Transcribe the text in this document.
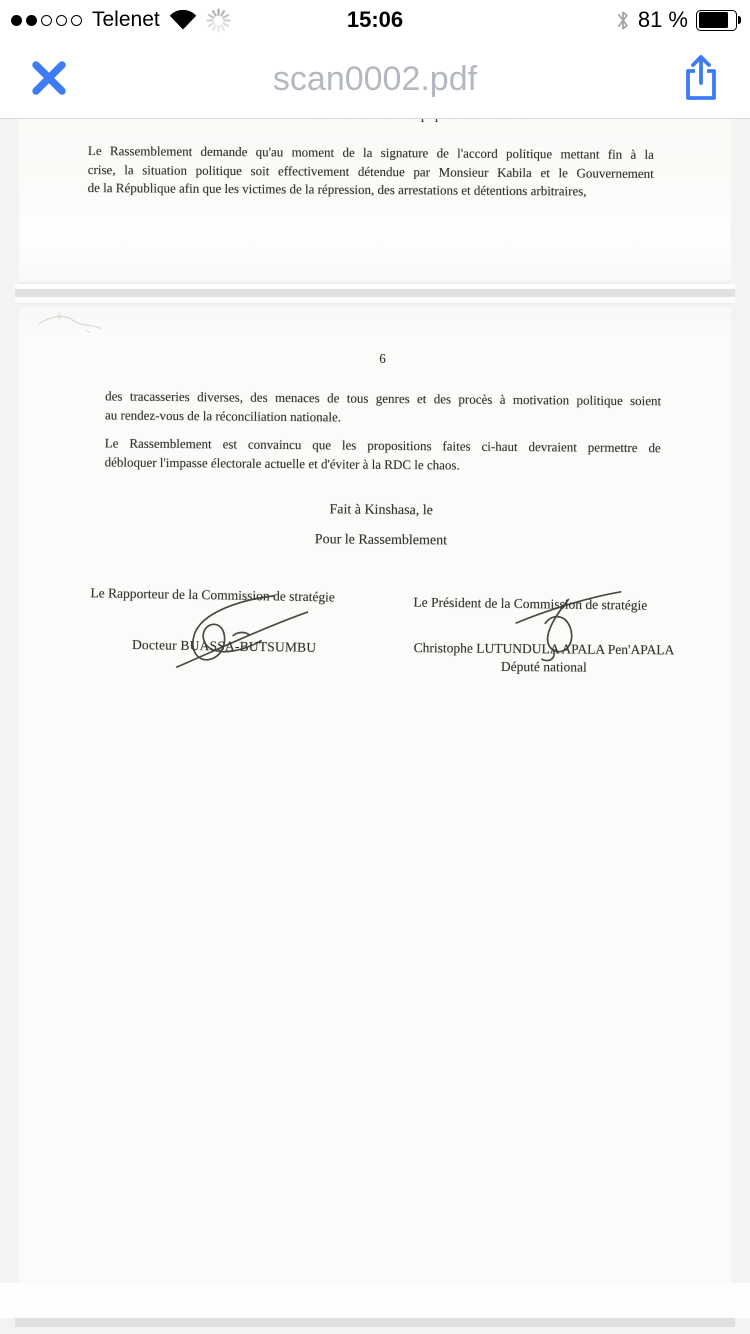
Telenet	15:06	81 %
scan0002.pdf
Le Rassemblement demande qu'au moment de la signature de l'accord politique mettant fin à la
crise, la situation politique soit effectivement détendue par Monsieur Kabila et le Gouvernement
de la République afin que les victimes de la répression, des arrestations et détentions arbitraires,
6
des tracasseries diverses, des menaces de tous genres et des procès à motivation politique soient
au rendez-vous de la réconciliation nationale.
Le Rassemblement est convaincu que les propositions faites ci-haut devraient permettre de
débloquer l'impasse électorale actuelle et d'éviter à la RDC le chaos.
Fait à Kinshasa, le
Pour le Rassemblement
Le Rapporteur de la Commission de stratégie	Le Président de la Commission de stratégie
Docteur BUASSA-BUTSUMBU	Christophe LUTUNDULA APALA Pen'APALA
Député national
